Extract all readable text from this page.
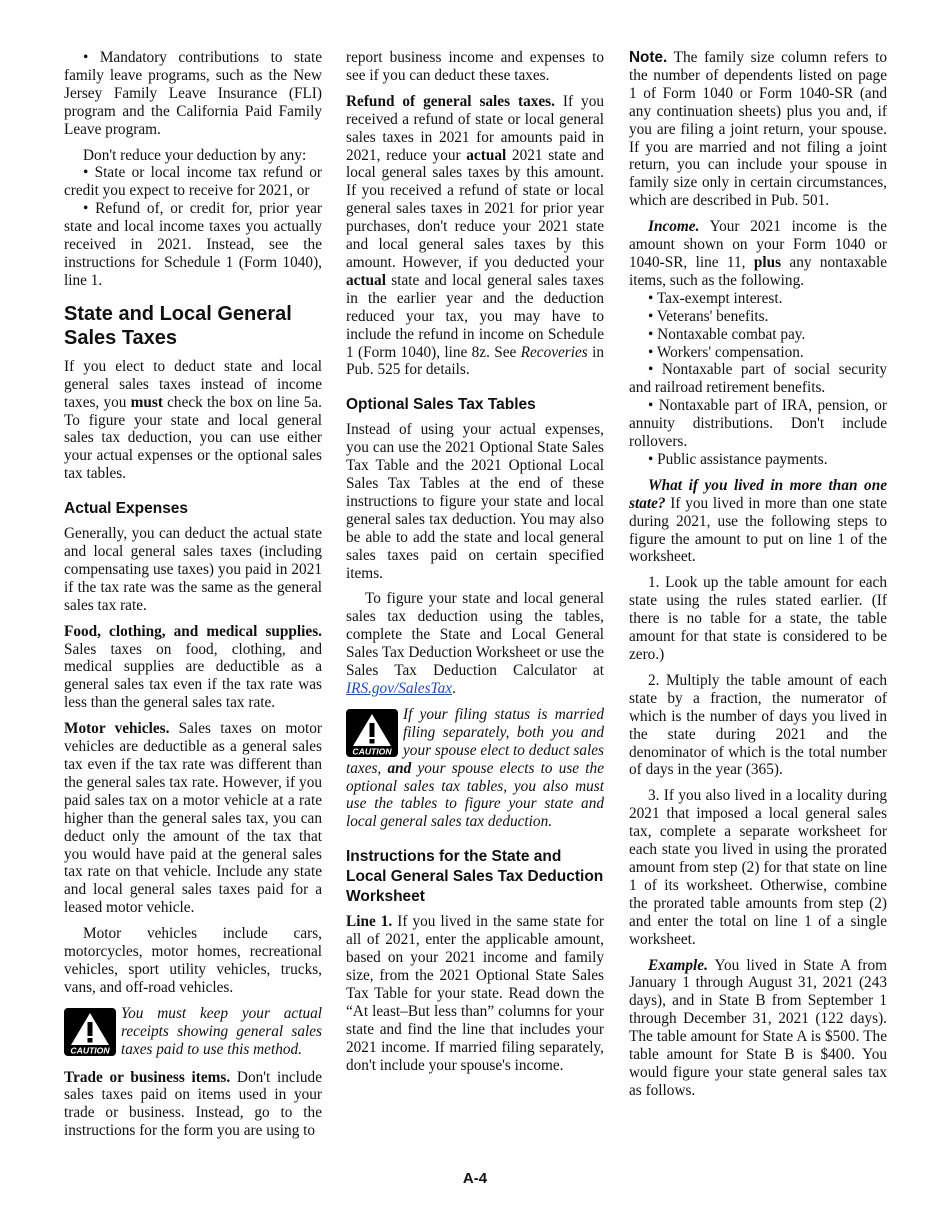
• Mandatory contributions to state family leave programs, such as the New Jersey Family Leave Insurance (FLI) program and the California Paid Family Leave program.
Don't reduce your deduction by any:
• State or local income tax refund or credit you expect to receive for 2021, or
• Refund of, or credit for, prior year state and local income taxes you actually received in 2021. Instead, see the instructions for Schedule 1 (Form 1040), line 1.
State and Local General Sales Taxes
If you elect to deduct state and local general sales taxes instead of income taxes, you must check the box on line 5a. To figure your state and local general sales tax deduction, you can use either your actual expenses or the optional sales tax tables.
Actual Expenses
Generally, you can deduct the actual state and local general sales taxes (including compensating use taxes) you paid in 2021 if the tax rate was the same as the general sales tax rate.
Food, clothing, and medical supplies. Sales taxes on food, clothing, and medical supplies are deductible as a general sales tax even if the tax rate was less than the general sales tax rate.
Motor vehicles. Sales taxes on motor vehicles are deductible as a general sales tax even if the tax rate was different than the general sales tax rate. However, if you paid sales tax on a motor vehicle at a rate higher than the general sales tax, you can deduct only the amount of the tax that you would have paid at the general sales tax rate on that vehicle. Include any state and local general sales taxes paid for a leased motor vehicle.
Motor vehicles include cars, motorcycles, motor homes, recreational vehicles, sport utility vehicles, trucks, vans, and off-road vehicles.
CAUTION
You must keep your actual receipts showing general sales taxes paid to use this method.
Trade or business items. Don't include sales taxes paid on items used in your trade or business. Instead, go to the instructions for the form you are using to
report business income and expenses to see if you can deduct these taxes.
Refund of general sales taxes. If you received a refund of state or local general sales taxes in 2021 for amounts paid in 2021, reduce your actual 2021 state and local general sales taxes by this amount. If you received a refund of state or local general sales taxes in 2021 for prior year purchases, don't reduce your 2021 state and local general sales taxes by this amount. However, if you deducted your actual state and local general sales taxes in the earlier year and the deduction reduced your tax, you may have to include the refund in income on Schedule 1 (Form 1040), line 8z. See Recoveries in Pub. 525 for details.
Optional Sales Tax Tables
Instead of using your actual expenses, you can use the 2021 Optional State Sales Tax Table and the 2021 Optional Local Sales Tax Tables at the end of these instructions to figure your state and local general sales tax deduction. You may also be able to add the state and local general sales taxes paid on certain specified items.
To figure your state and local general sales tax deduction using the tables, complete the State and Local General Sales Tax Deduction Worksheet or use the Sales Tax Deduction Calculator at IRS.gov/SalesTax.
CAUTION
If your filing status is married filing separately, both you and your spouse elect to deduct sales taxes, and your spouse elects to use the optional sales tax tables, you also must use the tables to figure your state and local general sales tax deduction.
Instructions for the State and Local General Sales Tax Deduction Worksheet
Line 1. If you lived in the same state for all of 2021, enter the applicable amount, based on your 2021 income and family size, from the 2021 Optional State Sales Tax Table for your state. Read down the “At least–But less than” columns for your state and find the line that includes your 2021 income. If married filing separately, don't include your spouse's income.
Note. The family size column refers to the number of dependents listed on page 1 of Form 1040 or Form 1040-SR (and any continuation sheets) plus you and, if you are filing a joint return, your spouse. If you are married and not filing a joint return, you can include your spouse in family size only in certain circumstances, which are described in Pub. 501.
Income. Your 2021 income is the amount shown on your Form 1040 or 1040-SR, line 11, plus any nontaxable items, such as the following.
• Tax-exempt interest.
• Veterans' benefits.
• Nontaxable combat pay.
• Workers' compensation.
• Nontaxable part of social security and railroad retirement benefits.
• Nontaxable part of IRA, pension, or annuity distributions. Don't include rollovers.
• Public assistance payments.
What if you lived in more than one state? If you lived in more than one state during 2021, use the following steps to figure the amount to put on line 1 of the worksheet.
1. Look up the table amount for each state using the rules stated earlier. (If there is no table for a state, the table amount for that state is considered to be zero.)
2. Multiply the table amount of each state by a fraction, the numerator of which is the number of days you lived in the state during 2021 and the denominator of which is the total number of days in the year (365).
3. If you also lived in a locality during 2021 that imposed a local general sales tax, complete a separate worksheet for each state you lived in using the prorated amount from step (2) for that state on line 1 of its worksheet. Otherwise, combine the prorated table amounts from step (2) and enter the total on line 1 of a single worksheet.
Example. You lived in State A from January 1 through August 31, 2021 (243 days), and in State B from September 1 through December 31, 2021 (122 days). The table amount for State A is $500. The table amount for State B is $400. You would figure your state general sales tax as follows.
A-4
